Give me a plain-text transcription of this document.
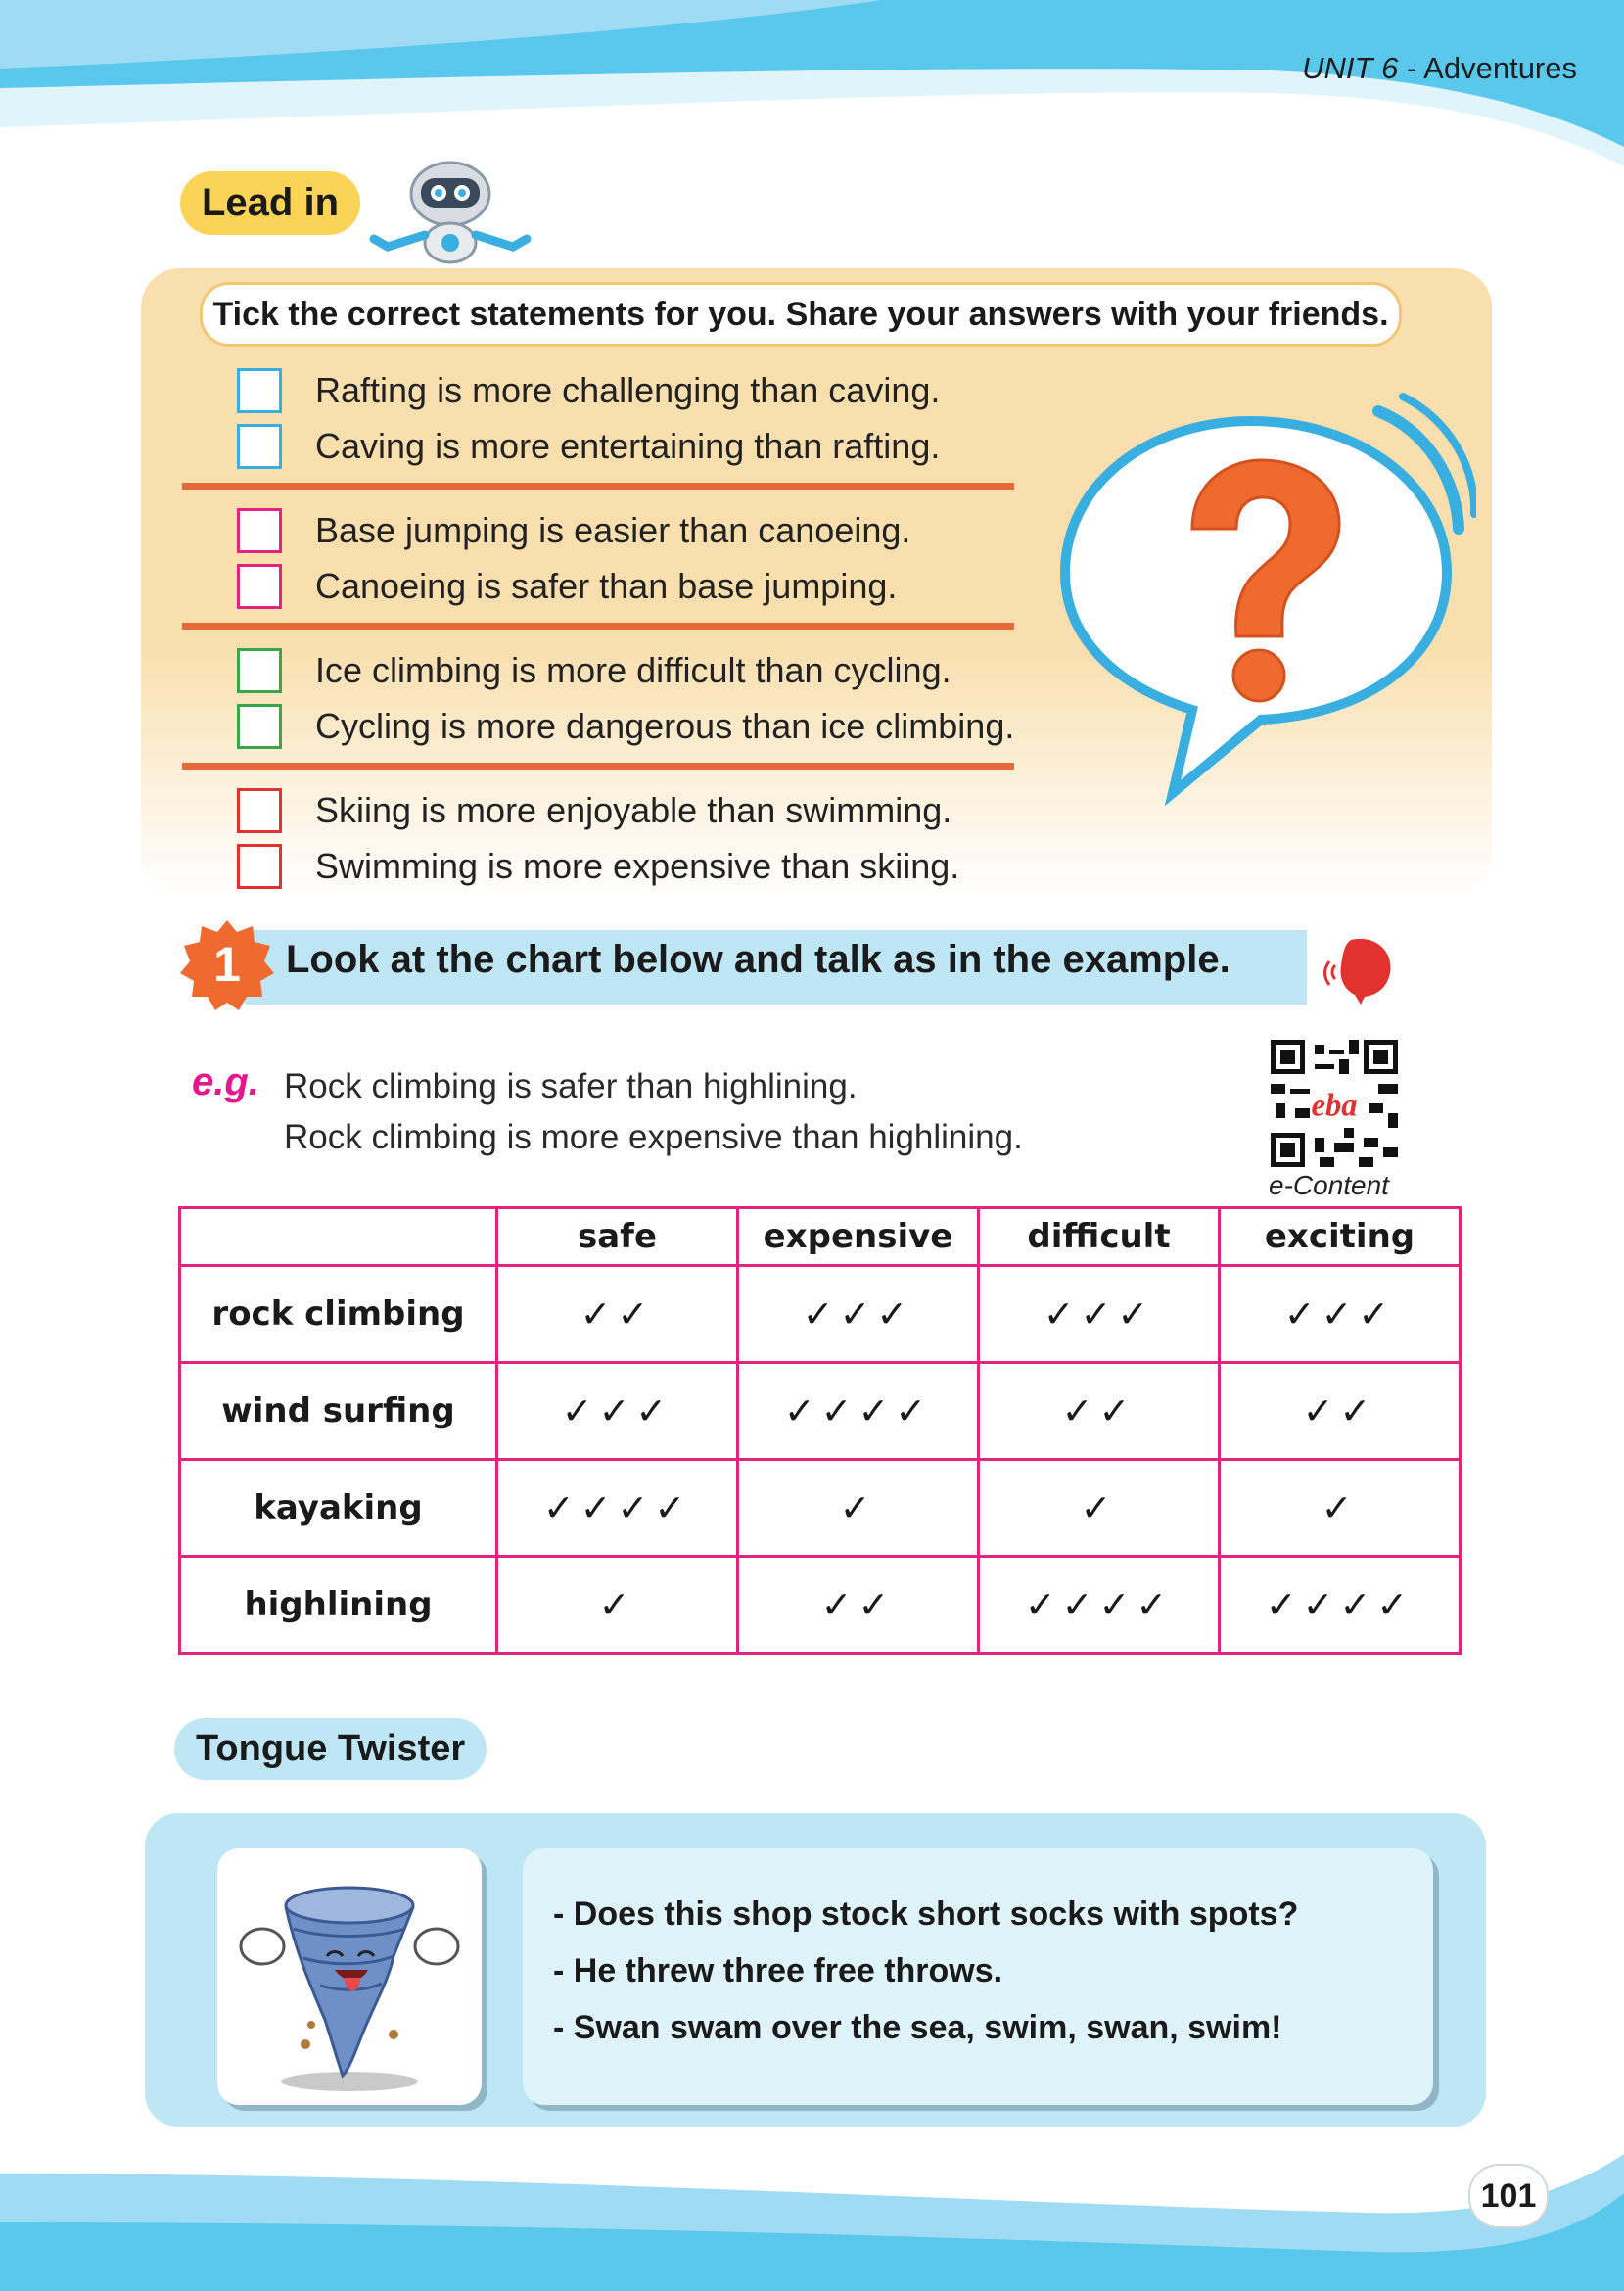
UNIT 6 - Adventures
Lead in
Tick the correct statements for you. Share your answers with your friends.
Rafting is more challenging than caving.
Caving is more entertaining than rafting.
Base jumping is easier than canoeing.
Canoeing is safer than base jumping.
Ice climbing is more difficult than cycling.
Cycling is more dangerous than ice climbing.
Skiing is more enjoyable than swimming.
Swimming is more expensive than skiing.
1 Look at the chart below and talk as in the example.
e.g. Rock climbing is safer than highlining.
Rock climbing is more expensive than highlining.
eba
e-Content
	safe	expensive	difficult	exciting
rock climbing	✓✓	✓✓✓	✓✓✓	✓✓✓
wind surfing	✓✓✓	✓✓✓✓	✓✓	✓✓
kayaking	✓✓✓✓	✓	✓	✓
highlining	✓	✓✓	✓✓✓✓	✓✓✓✓
Tongue Twister
- Does this shop stock short socks with spots?
- He threw three free throws.
- Swan swam over the sea, swim, swan, swim!
101
